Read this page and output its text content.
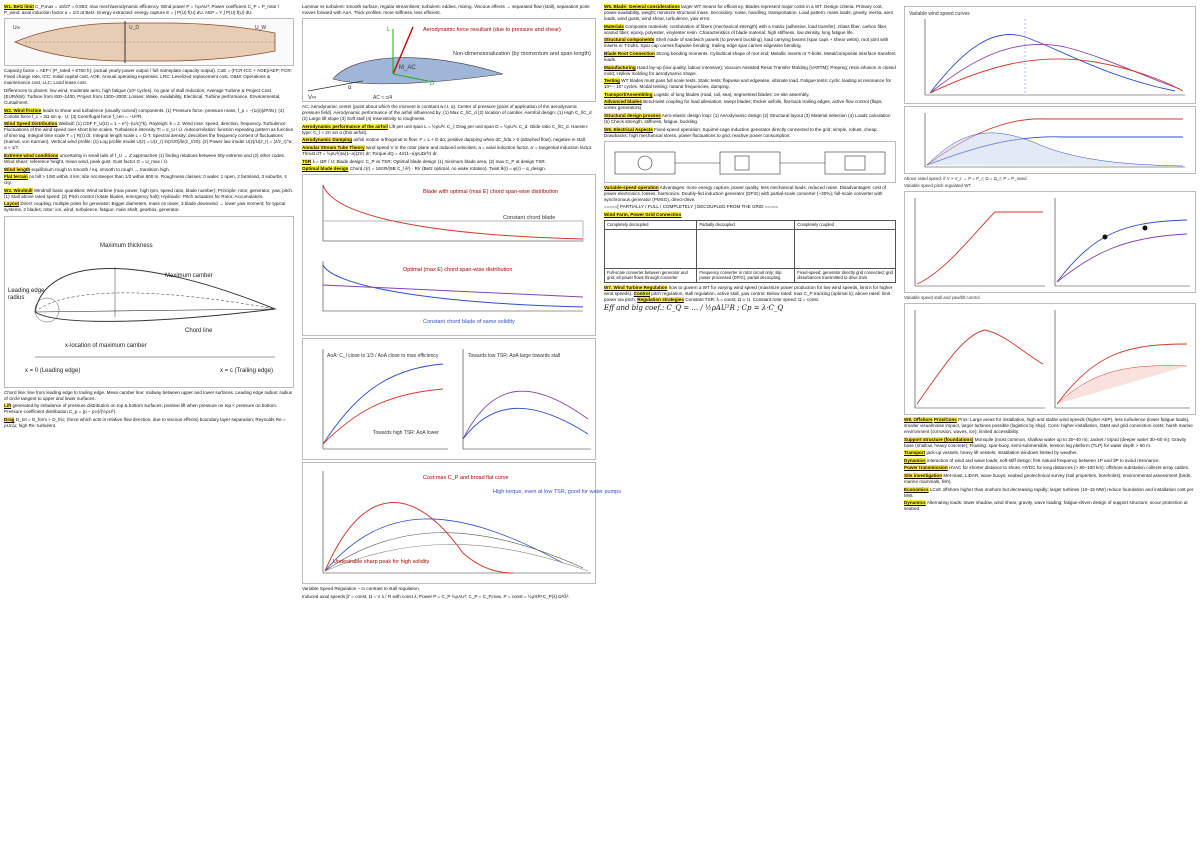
W1. Betz limit C_P,max = 16/27 = 0.593; max mech/aerodynamic efficiency. Wind power P = ½ρAU³; Power coefficient C_P = P_rotor / P_wind; axial induction factor a = 1/3 at Betz. Energy extracted: energy capture E = ∫ P(U) f(U) dU. AEP = Y ∫ P(U) f(U) dU.

U∞	U_D	U_W

Capacity factor = AEP / (P_rated × 8760 h); (actual yearly power output / full nameplate capacity output). CoE = (FCR·ICC + AOE)/AEP; FCR: Fixed charge rate, ICC: Initial capital cost, AOE: Annual operating expenses. LRC: Levelized replacement cost, O&M: Operations & maintenance cost, LLC: Land lease cost.

Differences to planes: low wind, moderate aero, high fatigue (10⁹ cycles), no gear of stall reduction; Average Turbine & Project Cost (EUR/kW): Turbine from 800–1400, Project from 1300–2000; Losses: Wake, Availability, Electrical, Turbine performance, Environmental, Curtailment.

W2. Wind friction leads to shear and turbulence (usually curved) components. (1) Pressure force: pressure mass, f_p = −(1/ρ)(∂P/∂x); (2) Coriolis force f_c = 2Ω sin φ · U; (3) Centrifugal force f_cen = −U²/R.

Wind Speed Distribution Weibull: (1) CDF F_U(U) = 1 − e^(−(U/c)^k). Rayleigh: k = 2. Wind rose: speed, direction, frequency. Turbulence: Fluctuations of the wind speed over short time scales. Turbulence intensity TI = σ_U / Ū. Autocorrelation: function repeating pattern as function of time lag. Integral time scale T = ∫ R(τ) dτ. Integral length scale L = Ū·T. Spectral density: describes the frequency content of fluctuations (Kaimal, von Karman). Vertical wind profile: (1) Log profile model U(z) = U(z_r) ln(z/z0)/ln(z_r/z0). (2) Power law model U(z)/U(z_r) = (z/z_r)^α, α ≈ 1/7.

Extreme wind conditions uncertainty in small tails of f_U → Z approaches (1) finding relations between 50y extreme and (2) other codes. Wind shear: reference height, mean wind, peak gust. Gust factor G = U_max / Ū.

Wind length equilibrium rough to smooth / eq. smooth to rough → transition high.

Flat terrain no hill > 1/50 within 4 km; site not steeper than 1/3 within 800 m. Roughness classes: 0 water, 1 open, 2 farmland, 3 suburbs, 4 city.

W3. Windmill Windmill basic quantities: Wind turbine (max power, high rpm, speed ratio, blade number); Principle: rotor, generator, yaw, pitch. (1) Stall above rated speed; (2) Pitch control (rotate blades, emergency halt); Hydraulic: Pitch actuators for Rotor, Accumulators.

Layout Direct coupling, multiple poles for generator; Bigger diameters, mass on tower, 3 blade downwind → lower yaw moment; for typical systems, 2 blades; rotor: ice, wind, turbulence, fatigue; main shaft, gearbox, generator.

Maximum thickness
Maximum camber
Leading edge
radius
Chord line
x-location of maximum camber
x = 0 (Leading edge)	x = c (Trailing edge)

Chord line: line from leading edge to trailing edge. Mean camber line: midway between upper and lower surfaces. Leading edge radius: radius of circle tangent to upper and lower surfaces.

Lift generated by imbalance of pressure distribution on top & bottom surfaces; positive lift when pressure on top < pressure on bottom. Pressure coefficient distribution C_p = (p − p∞)/(½ρU²).

Drag D_tot = D_form + D_fric; (force which acts in relative flow direction, due to viscous effects) boundary layer separation; Reynolds Re = ρUc/μ; high Re: turbulent.

Laminar vs turbulent: smooth surface, regular streamlines; turbulent: eddies, mixing. Viscous effects → separated flow (stall), separation point moves forward with AoA. Thick profiles: more stiffness, less efficient.

Aerodynamic force resultant (due to pressure and shear)
Non-dimensionalization (by momentum and span length)
L
D
M_AC
α
V∞	AC ≈ c/4

AC: Aerodynamic center (point about which the moment is constant w.r.t. α). Center of pressure (point of application of the aerodynamic pressure field). Aerodynamic performance of the airfoil influenced by: (1) Max C_l/C_d (2) location of camber. Aerofoil design: (1) High C_l/C_d (2) Large lift slope (3) Soft stall (4) Insensitivity to roughness.

Aerodynamic performance of the airfoil Lift per unit span L = ½ρU²c C_l; Drag per unit span D = ½ρU²c C_d. Glide ratio C_l/C_d. Hansen-type: C_l ≈ 2π sin α (thin airfoil).

Aerodynamic Damping airfoil motion orthogonal to flow: F = L + D dα; positive damping when dC_l/dα > 0 (attached flow), negative in stall.

Annular Stream Tube Theory wind speed V in the rotor plane and induced velocities; a = axial induction factor, a' = tangential induction factor. Thrust dT = ½ρU²(4a(1−a))2πr dr; Torque dQ = 4a'(1−a)ρUΩr³π dr.

TSR λ = ΩR / U; Blade design: C_P vs TSR; Optimal blade design (1) minimum blade area, (2) max C_P at design TSR.

Optimal blade design Chord c(r) = 16πR/(9B C_l λ²) · R/r (Betz optimal, no wake rotation). Twist θ(r) = φ(r) − α_design.

Blade with optimal (max E) chord span-wise distribution
Constant chord blade
Optimal (max E) chord span-wise distribution
Constant chord blade of same solidity
AoA: C_l close to 1/3 / AoA close to max efficiency
Towards high TSR: AoA lower
Towards low TSR: AoA large towards stall
Cost max C_P and broad flat curve
High torque, even at low TSR, good for water pumps
Undesirable sharp peak for high solidity

Variable Speed Regulation – in contrast to stall regulation.

Induced axial speeds β' = const, Ω = V λ / R with const λ; Power P = C_P ½ρAU³; C_P = C_P,max. P = const = ½ρπR⁵C_P(λ) Ω³/λ³.

W5. Blade: General considerations larger WT means for efficiency. Blades represent major costs in a WT. Design criteria: Primary cost, power-availability, weight; minimize structural mass. Secondary: noise, handling, transportation. Load pattern: mass loads, gravity, inertia, aero loads, wind gusts, wind shear, turbulence, yaw error.

Materials Composite materials: combination of fibers (mechanical strength) with a matrix (adhesive, load transfer). Glass fiber, carbon fiber, aramid fiber; epoxy, polyester, vinylester resin. Characteristics of blade material: high stiffness, low density, long fatigue life.

Structural components Shell made of sandwich panels (to prevent buckling), load carrying beams (spar caps + shear webs), root joint with inserts or T-bolts. Spar cap carries flapwise bending; trailing edge spar carries edgewise bending.

Blade Root Connection Strong bending moments. Cylindrical shape of root end; Metallic inserts or T-bolts. Metal/composite interface transfers loads.

Manufacturing Hand lay-up (low quality, labour intensive); Vacuum Assisted Resin Transfer Molding (VARTM); Prepreg; resin infusion in closed mold; Hollow molding for aerodynamic shape.

Testing WT blades must pass full scale tests. Static tests: flapwise and edgewise, ultimate load. Fatigue tests: cyclic loading at resonance for 10⁶ – 10⁷ cycles. Modal testing: natural frequencies, damping.

Transport/Assembling Logistic of long blades (road, rail, sea); segmented blades; on-site assembly.

Advanced blades Bend-twist coupling for load alleviation; swept blades; thicker airfoils, flat-back trailing edges; active flow control (flaps, vortex generators).

Structural design process Aero-elastic design loop: (1) Aerodynamic design (2) Structural layout (3) Material selection (4) Loads calculation (5) Check strength, stiffness, fatigue, buckling.

W6. Electrical Aspects Fixed-speed operation: Squirrel-cage induction generator directly connected to the grid; simple, robust, cheap. Drawbacks: high mechanical stress, power fluctuations to grid, reactive power consumption.

Variable-speed operation Advantages: more energy capture, power quality, less mechanical loads, reduced noise. Disadvantages: cost of power electronics, losses, harmonics. Doubly-fed induction generator (DFIG) with partial-scale converter (~30%); full-scale converter with synchronous generator (PMSG), direct-drive.

=====[ PARTIALLY / FULL / COMPLETELY ] DECOUPLED FROM THE GRID =====

Wind Farm, Power Grid Connection

Completely decoupled	Partially decoupled	Completely coupled

Full-scale converter between generator and grid; all power flows through converter	Frequency converter in rotor circuit only; slip power processed (DFIG), partial decoupling	Fixed-speed; generator directly grid connected; grid disturbances transmitted to drive train

W7. Wind Turbine Regulation how to govern a WT for varying wind speed (maximize power production for low wind speeds, limit it for higher wind speeds). Control pitch regulation, stall regulation, active stall, yaw control. Below rated: max C_P tracking (optimal λ); above rated: limit power via pitch. Regulation strategies Constant TSR: λ = const; Ω ∝ U. Constant rotor speed: Ω = const.

Eff and big coef.: C_Q = ... / ½ρAU²R ; Cp = λ·C_Q

Variable wind speed curves

Above rated speed: if V > V_r → P = P_r; Ω = Ω_r; P = P_rated

Variable speed pitch regulated WT

Variable speed stall and yaw/tilt control

W8. Offshore Pros/Cons Pros: Large areas for installation, high and stable wind speeds (higher AEP), less turbulence (lower fatigue loads), smaller visual/noise impact, larger turbines possible (logistics by ship). Cons: higher installation, O&M and grid connection costs; harsh marine environment (corrosion, waves, ice); limited accessibility.

Support structure (foundations) Monopile (most common, shallow water up to 30–40 m); Jacket / tripod (deeper water 30–60 m); Gravity base (shallow, heavy concrete); Floating: spar-buoy, semi-submersible, tension leg platform (TLP) for water depth > 60 m.

Transport jack-up vessels, heavy lift vessels; installation windows limited by weather.

Dynamics interaction of wind and wave loads; soft-stiff design: first natural frequency between 1P and 3P to avoid resonance.

Power transmission HVAC for shorter distance to shore, HVDC for long distances (> 80–100 km); offshore substation collects array cables.

Site investigation Met-mast, LiDAR, wave buoys; seabed geotechnical survey (soil properties, boreholes); environmental assessment (birds, marine mammals, fish).

Economics LCoE offshore higher than onshore but decreasing rapidly; larger turbines (10–15 MW) reduce foundation and installation cost per MW.

Dynamics Alternating loads: tower shadow, wind shear, gravity, wave loading; fatigue-driven design of support structure; scour protection at seabed.
